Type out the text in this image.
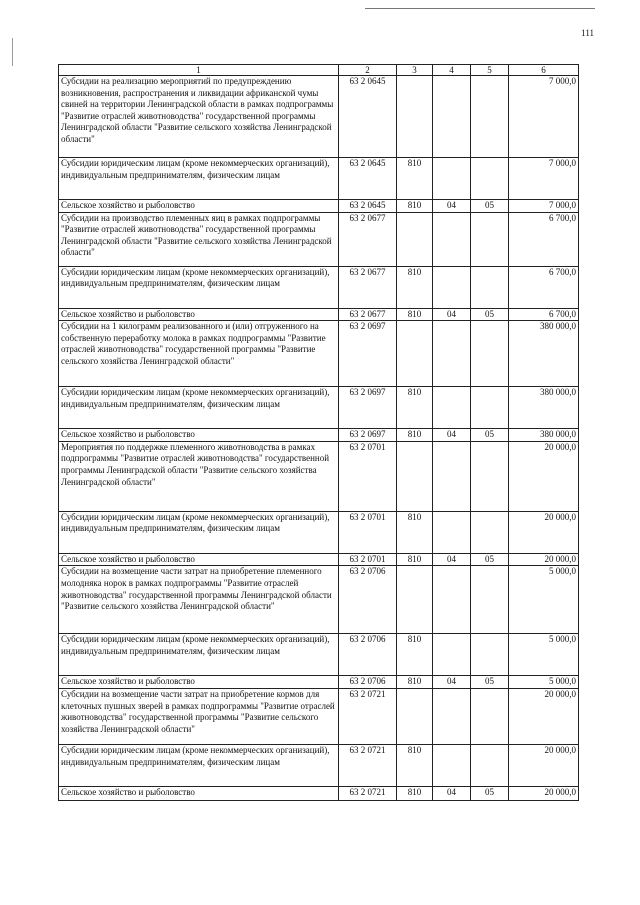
111
1	2	3	4	5	6
Субсидии на реализацию мероприятий по предупреждению возникновения, распространения и ликвидации африканской чумы свиней на территории Ленинградской области в рамках подпрограммы "Развитие отраслей животноводства" государственной программы Ленинградской области "Развитие сельского хозяйства Ленинградской области"	63 2 0645				7 000,0
Субсидии юридическим лицам (кроме некоммерческих организаций), индивидуальным предпринимателям, физическим лицам	63 2 0645	810			7 000,0
Сельское хозяйство и рыболовство	63 2 0645	810	04	05	7 000,0
Субсидии на производство племенных яиц в рамках подпрограммы "Развитие отраслей животноводства" государственной программы Ленинградской области "Развитие сельского хозяйства Ленинградской области"	63 2 0677				6 700,0
Субсидии юридическим лицам (кроме некоммерческих организаций), индивидуальным предпринимателям, физическим лицам	63 2 0677	810			6 700,0
Сельское хозяйство и рыболовство	63 2 0677	810	04	05	6 700,0
Субсидии на 1 килограмм реализованного и (или) отгруженного на собственную переработку молока в рамках подпрограммы "Развитие отраслей животноводства" государственной программы "Развитие сельского хозяйства Ленинградской области"	63 2 0697				380 000,0
Субсидии юридическим лицам (кроме некоммерческих организаций), индивидуальным предпринимателям, физическим лицам	63 2 0697	810			380 000,0
Сельское хозяйство и рыболовство	63 2 0697	810	04	05	380 000,0
Мероприятия по поддержке племенного животноводства в рамках подпрограммы "Развитие отраслей животноводства" государственной программы Ленинградской области "Развитие сельского хозяйства Ленинградской области"	63 2 0701				20 000,0
Субсидии юридическим лицам (кроме некоммерческих организаций), индивидуальным предпринимателям, физическим лицам	63 2 0701	810			20 000,0
Сельское хозяйство и рыболовство	63 2 0701	810	04	05	20 000,0
Субсидии на возмещение части затрат на приобретение племенного молодняка норок в рамках подпрограммы "Развитие отраслей животноводства" государственной программы Ленинградской области "Развитие сельского хозяйства Ленинградской области"	63 2 0706				5 000,0
Субсидии юридическим лицам (кроме некоммерческих организаций), индивидуальным предпринимателям, физическим лицам	63 2 0706	810			5 000,0
Сельское хозяйство и рыболовство	63 2 0706	810	04	05	5 000,0
Субсидии на возмещение части затрат на приобретение кормов для клеточных пушных зверей в рамках подпрограммы "Развитие отраслей животноводства" государственной программы "Развитие сельского хозяйства Ленинградской области"	63 2 0721				20 000,0
Субсидии юридическим лицам (кроме некоммерческих организаций), индивидуальным предпринимателям, физическим лицам	63 2 0721	810			20 000,0
Сельское хозяйство и рыболовство	63 2 0721	810	04	05	20 000,0
